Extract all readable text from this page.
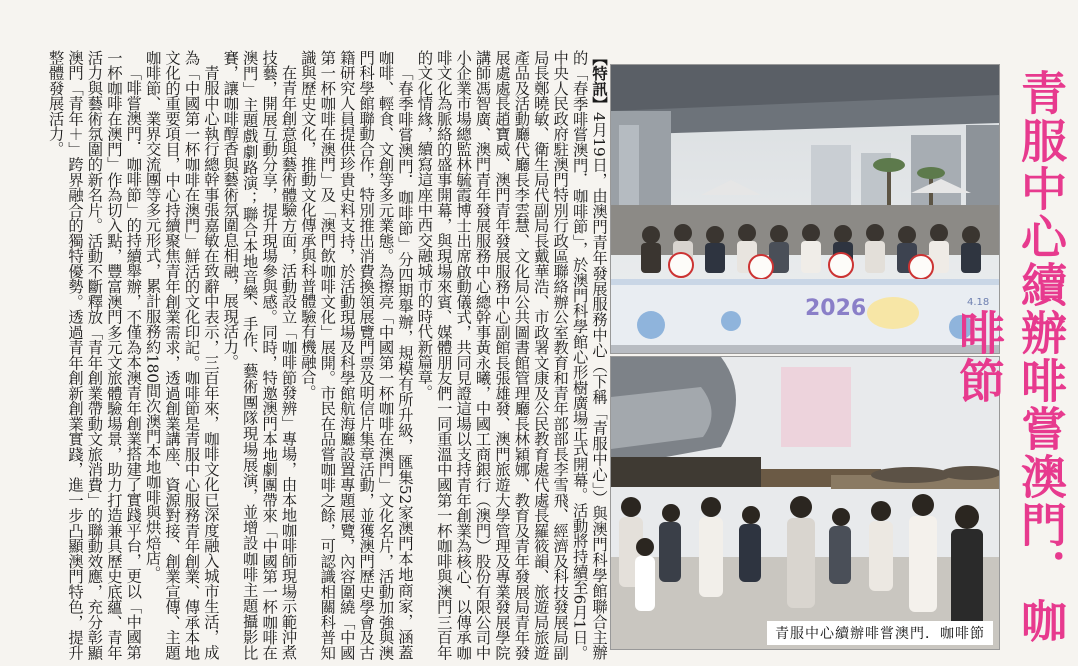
【特訊】4月19日，由澳門青年發展服務中心（下稱「青服中心」）與澳門科學館聯合主辦的「春季啡嘗澳門．咖啡節」，於澳門科學館心形樹廣場正式開幕。活動將持續至6月1日。中央人民政府駐澳門特別行政區聯絡辦公室教育和青年部部長李雪飛、經濟及科技發展局副局長鄭曉敏、衛生局代副局長戴華浩、市政署文康及公民教育處代處長羅筱韻、旅遊局旅遊產品及活動廳代廳長李雲慧、文化局公共圖書館管理廳長林穎娜、教育及青年發展局青年發展處處長趙寶威、澳門青年發展服務中心副館長張雄發、澳門旅遊大學管理及專業發展學院講師馮智廣、澳門青年發展服務中心總幹事黃永曦，中國工商銀行（澳門）股份有限公司中小企業市場總監林毓霞博士出席啟動儀式，共同見證這場以支持青年創業為核心、以傳承咖啡文化為脈絡的盛事開幕，與現場來賓、媒體朋友們一同重溫中國第一杯咖啡與澳門三百年的文化情緣，續寫這座中西交融城市的時代新篇章。

「春季啡嘗澳門．咖啡節」分四期舉辦，規模有所升級，匯集52家澳門本地商家，涵蓋咖啡、輕食、文創等多元業態。為擦亮「中國第一杯咖啡在澳門」文化名片，活動加強與澳門科學館聯動合作，特別推出消費換領展覽門票及明信片集章活動，並獲澳門歷史學會及古籍研究人員提供珍貴史料支持，於活動現場及科學館航海廳設置專題展覽，內容圍繞「中國第一杯咖啡在澳門」及「澳門飲咖啡文化」展開。市民在品嘗咖啡之餘，可認識相關科普知識與歷史文化，推動文化傳承與科普體驗有機融合。

在青年創意與藝術體驗方面，活動設立「咖啡節發辨」專場，由本地咖啡師現場示範沖煮技藝，開展互動分享，提升現場參與感。同時，特邀澳門本地劇團帶來「中國第一杯咖啡在澳門」主題戲劇路演；聯合本地音樂、手作、藝術團隊現場展演，並增設咖啡主題攝影比賽，讓咖啡醇香與藝術氛圍息相融，展現活力。

青服中心執行總幹事張嘉敏在致辭中表示，三百年來，咖啡文化已深度融入城市生活，成為「中國第一杯咖啡在澳門」鮮活的文化印記。咖啡節是青服中心服務青年創業、傳承本地文化的重要項目，中心持續聚焦青年創業需求，透過創業講座、資源對接、創業宣傳、主題咖啡節、業界交流團等多元形式，累計服務約180間次澳門本地咖啡與烘焙店。

「啡嘗澳門．咖啡節」的持續舉辦，不僅為本澳青年創業搭建了實踐平台，更以「中國第一杯咖啡在澳門」作為切入點，豐富澳門多元文旅體驗場景，助力打造兼具歷史底蘊、青年活力與藝術氛圍的新名片。活動不斷釋放「青年創業帶動文旅消費」的聯動效應，充分彰顯澳門「青年＋」跨界融合的獨特優勢。透過青年創新創業實踐，進一步凸顯澳門特色，提升整體發展活力。

2026	4.18
青服中心續辦啡嘗澳門．咖啡節 青服中心續辦啡嘗澳門．咖啡節
